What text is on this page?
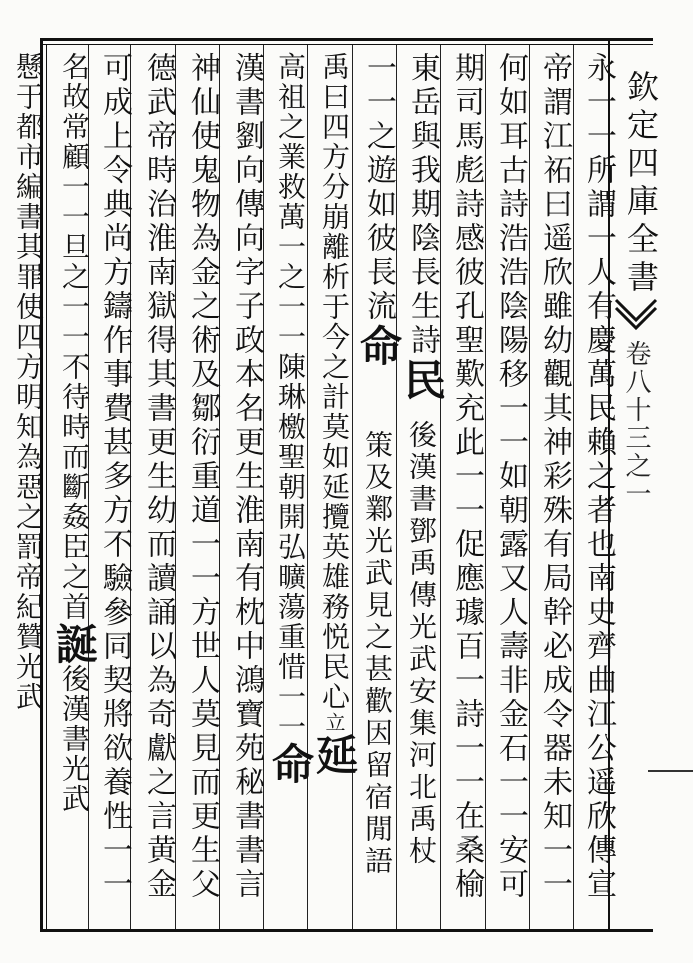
欽定四庫全書
卷八十三之一
永一一所謂一人有慶萬民賴之者也南史齊曲江公遥欣傳宣
帝謂江祏曰遥欣雖幼觀其神彩殊有局幹必成令器未知一一
何如耳古詩浩浩陰陽移一一如朝露又人壽非金石一一安可
期司馬彪詩感彼孔聖歎充此一一促應璩百一詩一一在桑榆
東岳與我期陰長生詩民
後漢書鄧禹傳光武安集河北禹杖
一一之遊如彼長流命
策及鄴光武見之甚歡因留宿閒語
禹曰四方分崩離析于今之計莫如延攬英雄務悦民心立延
高祖之業救萬一之一一陳琳檄聖朝開弘曠蕩重惜一一命
漢書劉向傳向字子政本名更生淮南有枕中鴻寶苑秘書書言
神仙使鬼物為金之術及鄒衍重道一一方世人莫見而更生父
德武帝時治淮南獄得其書更生幼而讀誦以為奇獻之言黄金
可成上令典尚方鑄作事費甚多方不驗參同契將欲養性一一
名故常顧一一旦之一一不待時而斷姦臣之首誕後漢書光武
懸于都市編書其罪使四方明知為惡之罰帝紀贊光武
